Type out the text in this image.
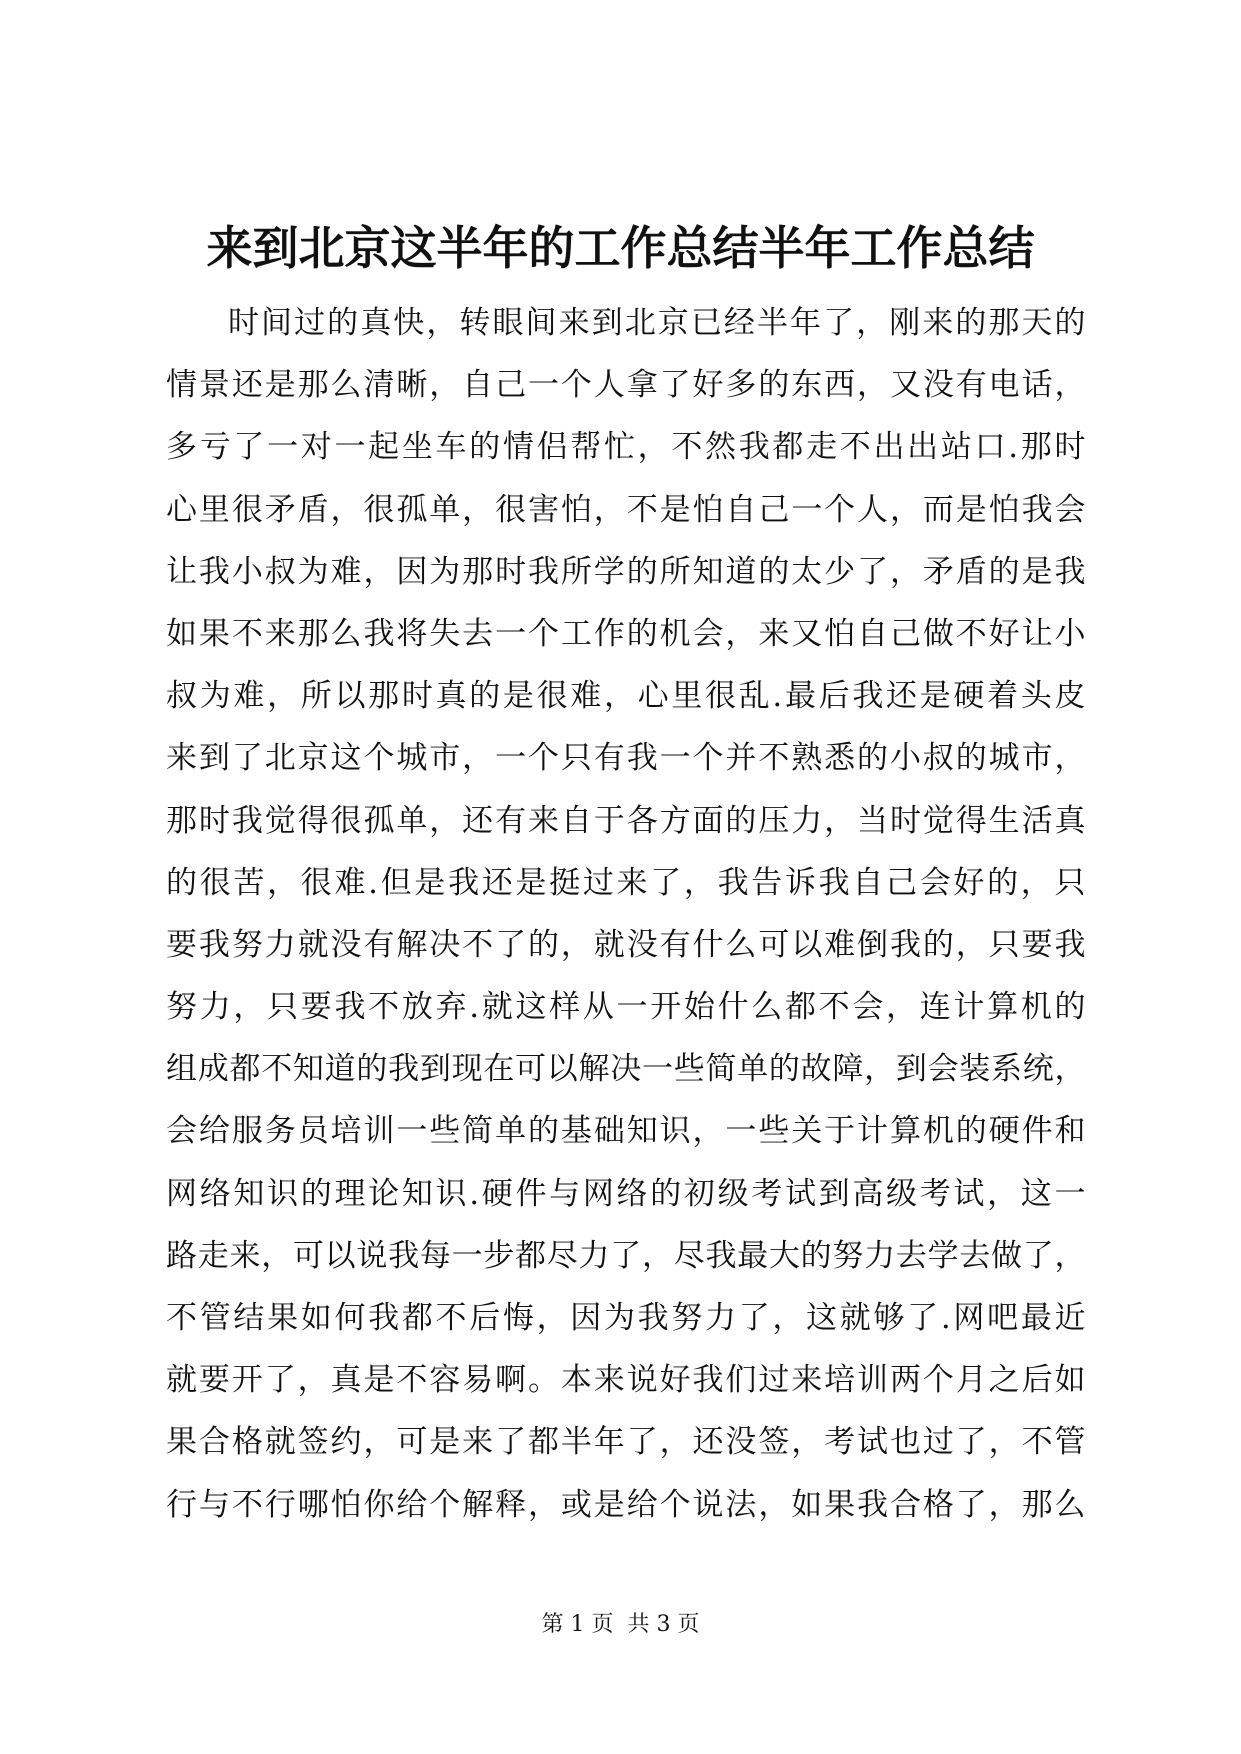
来到北京这半年的工作总结半年工作总结
时间过的真快，转眼间来到北京已经半年了，刚来的那天的
情景还是那么清晰，自己一个人拿了好多的东西，又没有电话，
多亏了一对一起坐车的情侣帮忙，不然我都走不出出站口.那时
心里很矛盾，很孤单，很害怕，不是怕自己一个人，而是怕我会
让我小叔为难，因为那时我所学的所知道的太少了，矛盾的是我
如果不来那么我将失去一个工作的机会，来又怕自己做不好让小
叔为难，所以那时真的是很难，心里很乱.最后我还是硬着头皮
来到了北京这个城市，一个只有我一个并不熟悉的小叔的城市，
那时我觉得很孤单，还有来自于各方面的压力，当时觉得生活真
的很苦，很难.但是我还是挺过来了，我告诉我自己会好的，只
要我努力就没有解决不了的，就没有什么可以难倒我的，只要我
努力，只要我不放弃.就这样从一开始什么都不会，连计算机的
组成都不知道的我到现在可以解决一些简单的故障，到会装系统，
会给服务员培训一些简单的基础知识，一些关于计算机的硬件和
网络知识的理论知识.硬件与网络的初级考试到高级考试，这一
路走来，可以说我每一步都尽力了，尽我最大的努力去学去做了，
不管结果如何我都不后悔，因为我努力了，这就够了.网吧最近
就要开了，真是不容易啊。本来说好我们过来培训两个月之后如
果合格就签约，可是来了都半年了，还没签，考试也过了，不管
行与不行哪怕你给个解释，或是给个说法，如果我合格了，那么
第 1 页 共 3 页
